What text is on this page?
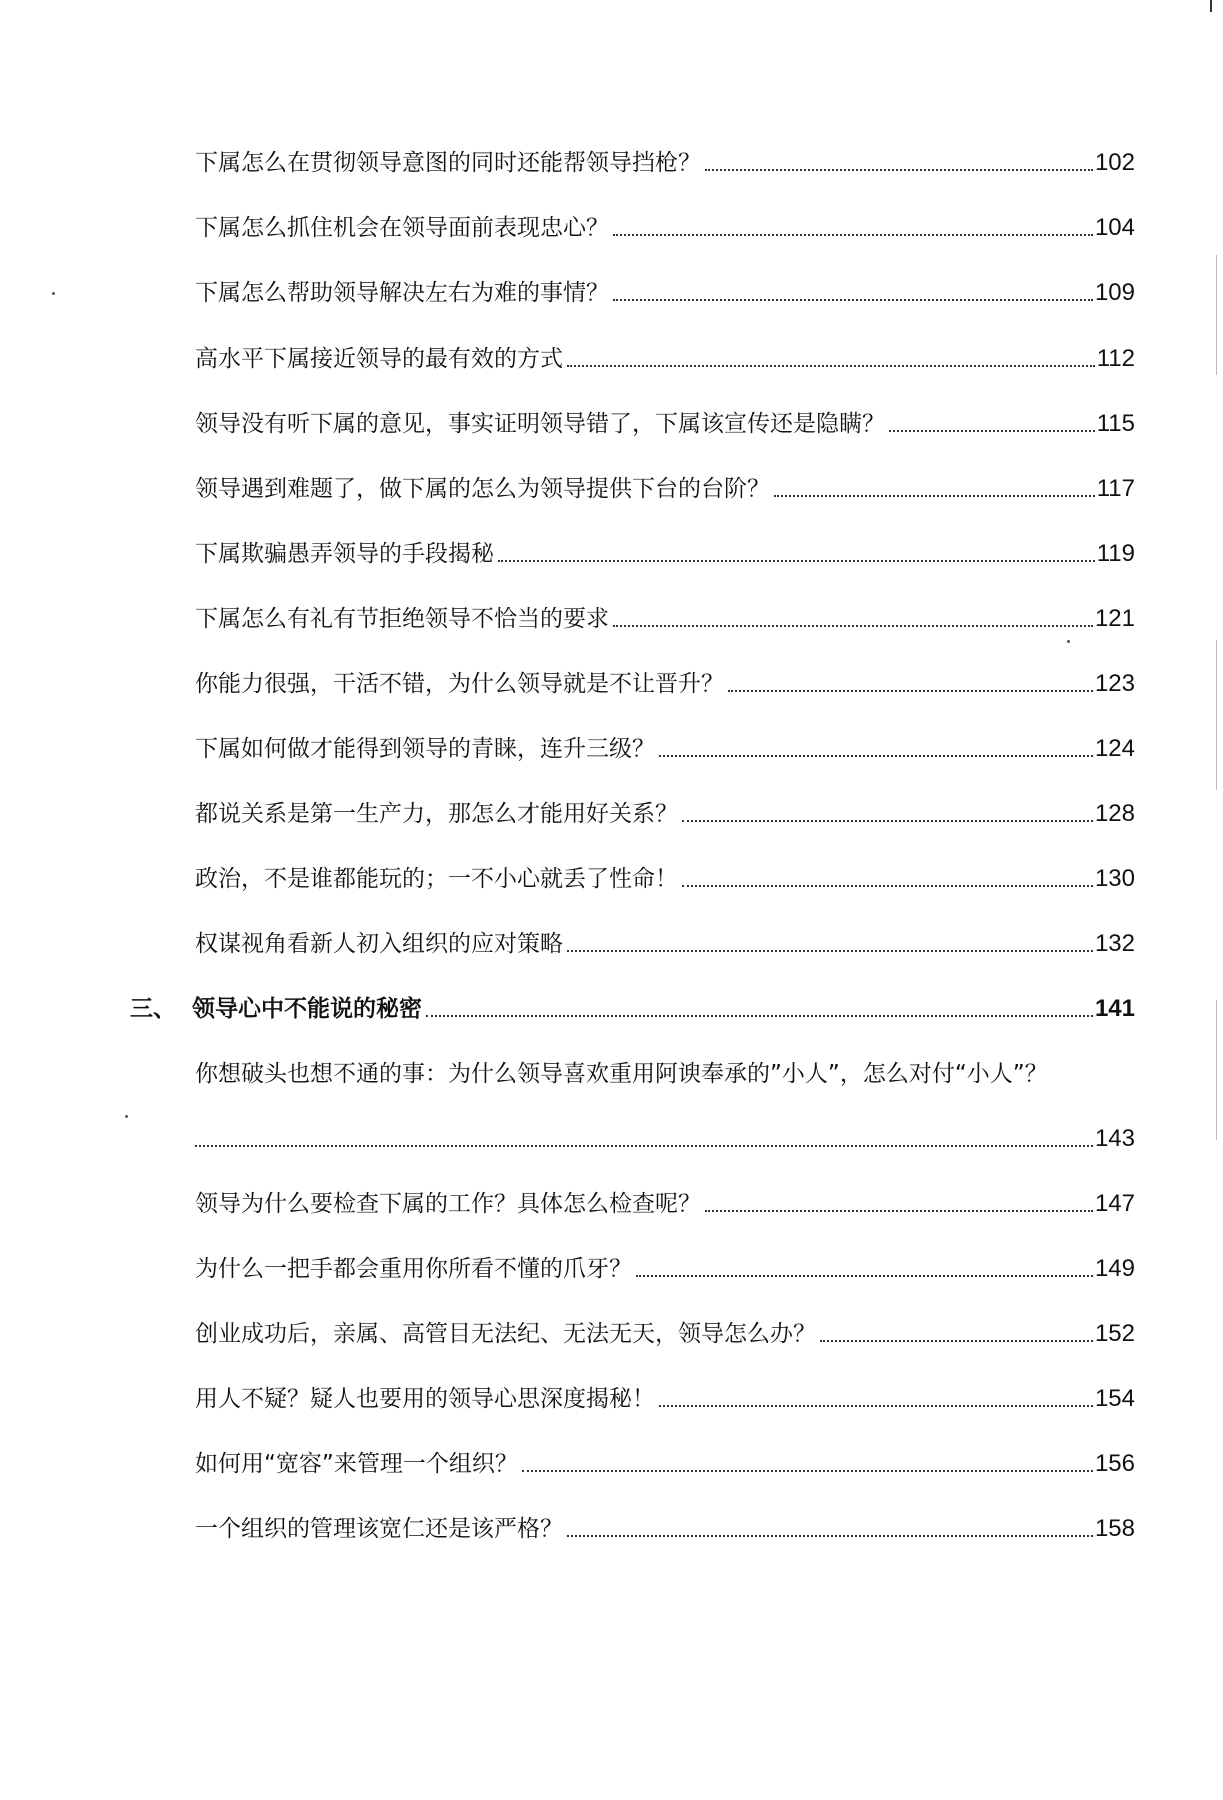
下属怎么在贯彻领导意图的同时还能帮领导挡枪？	102
下属怎么抓住机会在领导面前表现忠心？	104
下属怎么帮助领导解决左右为难的事情？	109
高水平下属接近领导的最有效的方式	112
领导没有听下属的意见，事实证明领导错了，下属该宣传还是隐瞒？	115
领导遇到难题了，做下属的怎么为领导提供下台的台阶？	117
下属欺骗愚弄领导的手段揭秘	119
下属怎么有礼有节拒绝领导不恰当的要求	121
你能力很强，干活不错，为什么领导就是不让晋升？	123
下属如何做才能得到领导的青睐，连升三级？	124
都说关系是第一生产力，那怎么才能用好关系？	128
政治，不是谁都能玩的；一不小心就丢了性命！	130
权谋视角看新人初入组织的应对策略	132
三、 领导心中不能说的秘密	141
你想破头也想不通的事：为什么领导喜欢重用阿谀奉承的”小人”，怎么对付“小人”？
143
领导为什么要检查下属的工作？具体怎么检查呢？	147
为什么一把手都会重用你所看不懂的爪牙？	149
创业成功后，亲属、高管目无法纪、无法无天，领导怎么办？	152
用人不疑？疑人也要用的领导心思深度揭秘！	154
如何用“宽容”来管理一个组织？	156
一个组织的管理该宽仁还是该严格？	158
